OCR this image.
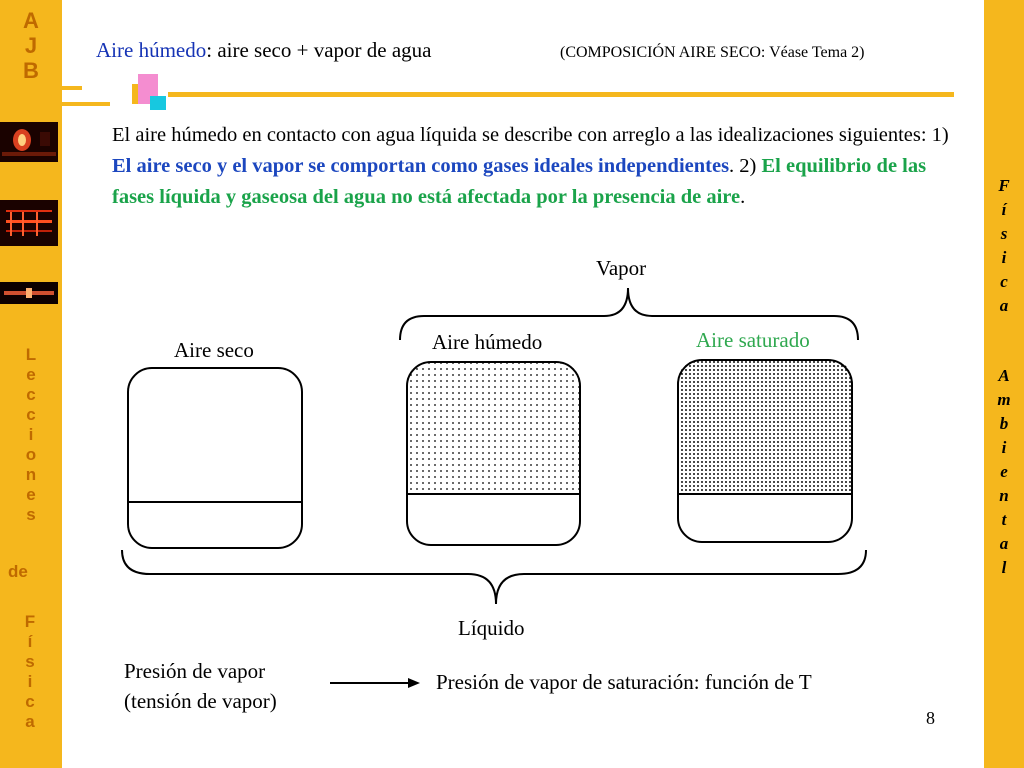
A
J
B
L
e
c
c
i
o
n
e
s
de
F
í
s
i
c
a
F
í
s
i
c
a
A
m
b
i
e
n
t
a
l
Aire húmedo: aire seco + vapor de agua	(COMPOSICIÓN AIRE SECO: Véase Tema 2)
El aire húmedo en contacto con agua líquida se describe con arreglo a las idealizaciones siguientes: 1) El aire seco y el vapor se comportan como gases ideales independientes. 2) El equilibrio de las fases líquida y gaseosa del agua no está afectada por la presencia de aire.
Vapor
Aire seco	Aire húmedo	Aire saturado
Líquido
Presión de vapor
(tensión de vapor)
Presión de vapor de saturación: función de T
8
